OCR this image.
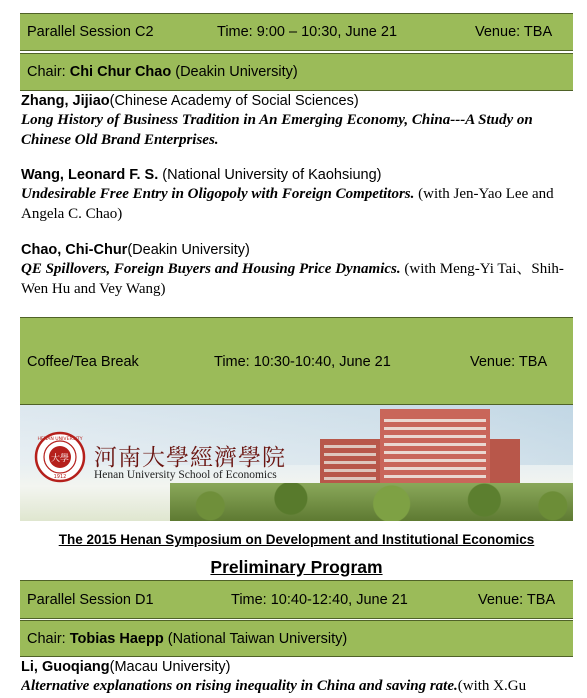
Parallel Session C2	Time: 9:00 – 10:30, June 21	Venue: TBA
Chair: Chi Chur Chao (Deakin University)
Zhang, Jijiao(Chinese Academy of Social Sciences)
Long History of Business Tradition in An Emerging Economy, China---A Study on Chinese Old Brand Enterprises.
Wang, Leonard F. S. (National University of Kaohsiung)
Undesirable Free Entry in Oligopoly with Foreign Competitors. (with Jen-Yao Lee and Angela C. Chao)
Chao, Chi-Chur(Deakin University)
QE Spillovers, Foreign Buyers and Housing Price Dynamics. (with Meng-Yi Tai、Shih-Wen Hu and Vey Wang)
Coffee/Tea Break	Time: 10:30-10:40, June 21	Venue: TBA
大學
HENAN UNIVERSITY
1912
河南大學經濟學院
Henan University School of Economics
The 2015 Henan Symposium on Development and Institutional Economics
Preliminary Program
Parallel Session D1	Time: 10:40-12:40, June 21	Venue: TBA
Chair: Tobias Haepp (National Taiwan University)
Li, Guoqiang(Macau University)
Alternative explanations on rising inequality in China and saving rate.(with X.Gu
